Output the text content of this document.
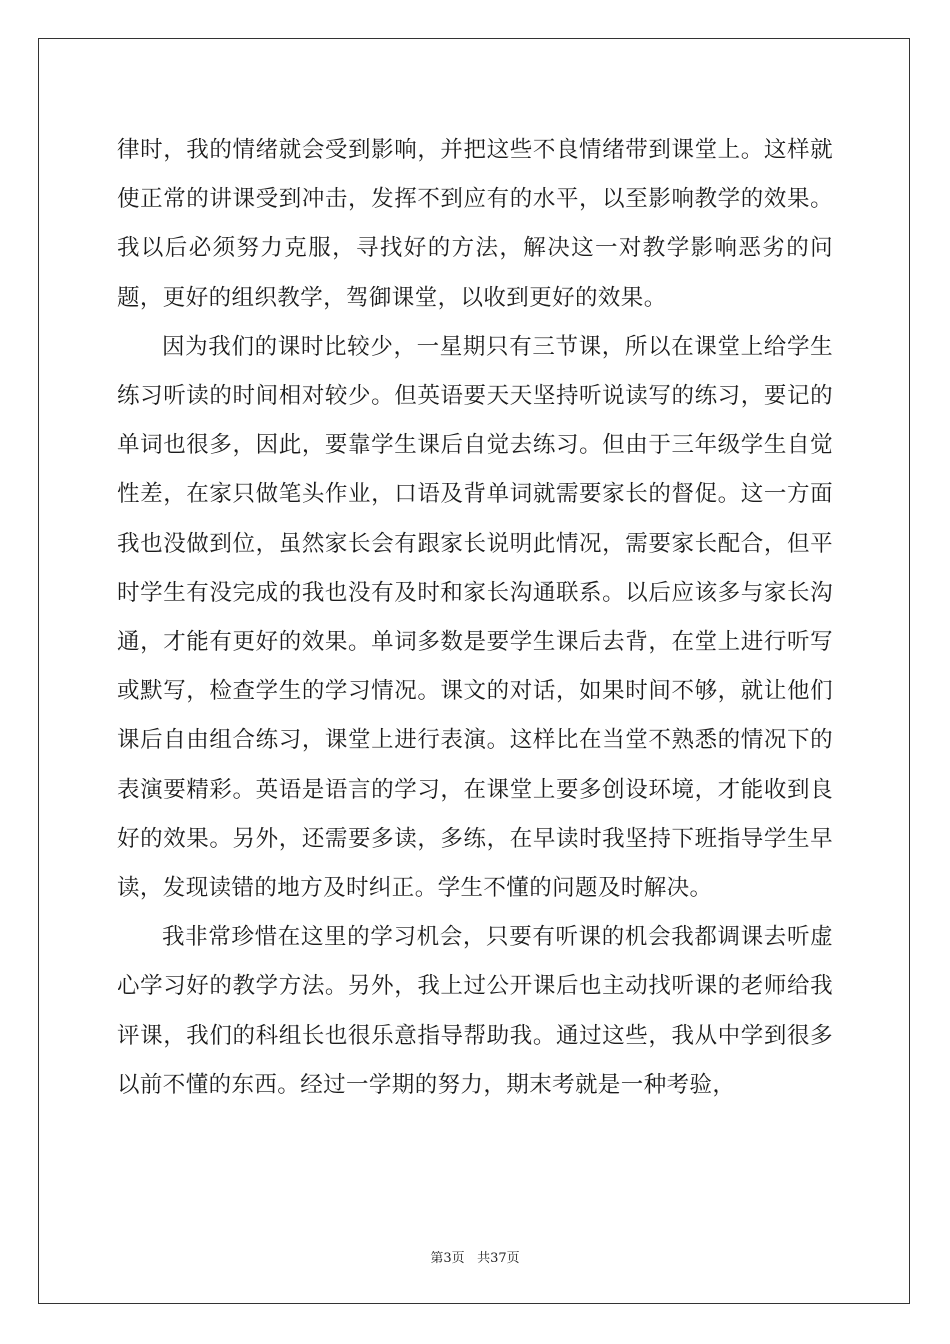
律时，我的情绪就会受到影响，并把这些不良情绪带到课堂上。这样就使正常的讲课受到冲击，发挥不到应有的水平，以至影响教学的效果。我以后必须努力克服，寻找好的方法，解决这一对教学影响恶劣的问题，更好的组织教学，驾御课堂，以收到更好的效果。

因为我们的课时比较少，一星期只有三节课，所以在课堂上给学生练习听读的时间相对较少。但英语要天天坚持听说读写的练习，要记的单词也很多，因此，要靠学生课后自觉去练习。但由于三年级学生自觉性差，在家只做笔头作业，口语及背单词就需要家长的督促。这一方面我也没做到位，虽然家长会有跟家长说明此情况，需要家长配合，但平时学生有没完成的我也没有及时和家长沟通联系。以后应该多与家长沟通，才能有更好的效果。单词多数是要学生课后去背，在堂上进行听写或默写，检查学生的学习情况。课文的对话，如果时间不够，就让他们课后自由组合练习，课堂上进行表演。这样比在当堂不熟悉的情况下的表演要精彩。英语是语言的学习，在课堂上要多创设环境，才能收到良好的效果。另外，还需要多读，多练，在早读时我坚持下班指导学生早读，发现读错的地方及时纠正。学生不懂的问题及时解决。

我非常珍惜在这里的学习机会，只要有听课的机会我都调课去听虚心学习好的教学方法。另外，我上过公开课后也主动找听课的老师给我评课，我们的科组长也很乐意指导帮助我。通过这些，我从中学到很多以前不懂的东西。经过一学期的努力，期末考就是一种考验，

第3页 共37页
